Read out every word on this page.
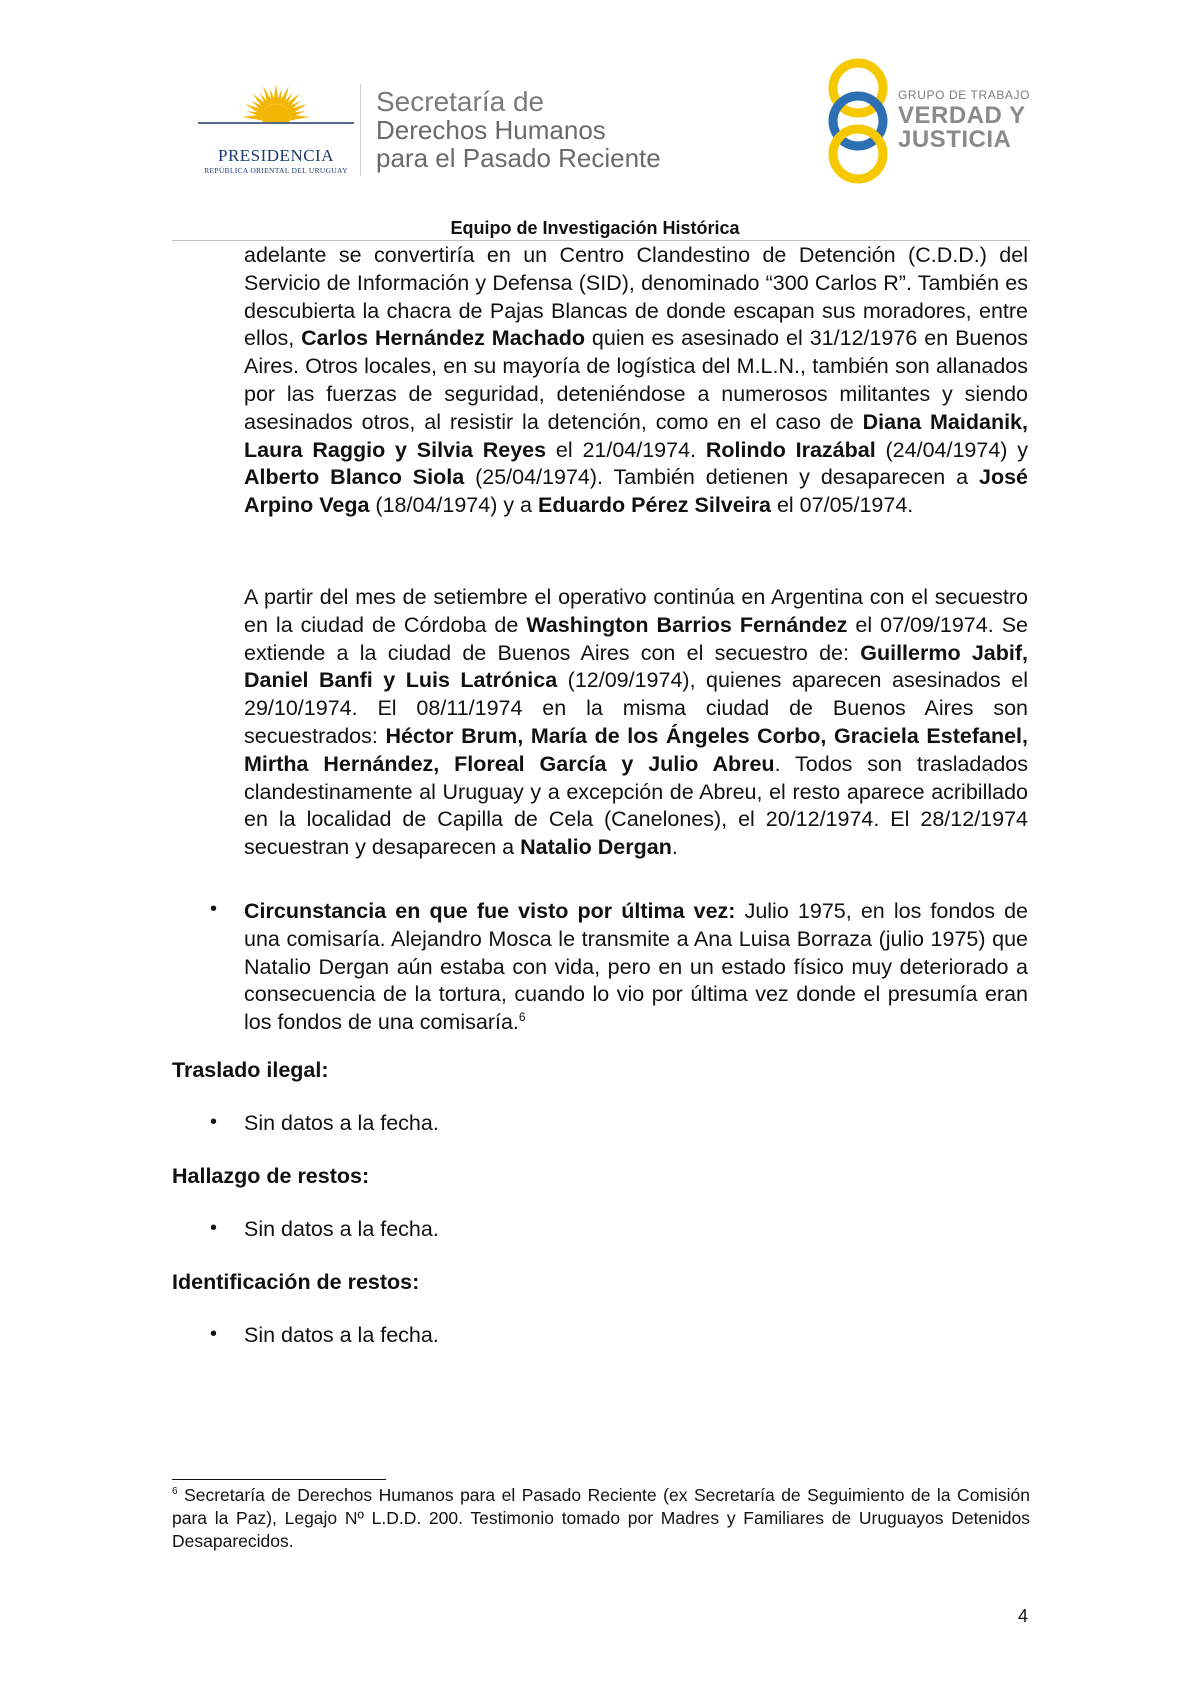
PRESIDENCIA
REPÚBLICA ORIENTAL DEL URUGUAY
Secretaría de
Derechos Humanos
para el Pasado Reciente
GRUPO DE TRABAJO
VERDAD Y
JUSTICIA
Equipo de Investigación Histórica

adelante se convertiría en un Centro Clandestino de Detención (C.D.D.) del Servicio de Información y Defensa (SID), denominado “300 Carlos R”. También es descubierta la chacra de Pajas Blancas de donde escapan sus moradores, entre ellos, Carlos Hernández Machado quien es asesinado el 31/12/1976 en Buenos Aires. Otros locales, en su mayoría de logística del M.L.N., también son allanados por las fuerzas de seguridad, deteniéndose a numerosos militantes y siendo asesinados otros, al resistir la detención, como en el caso de Diana Maidanik, Laura Raggio y Silvia Reyes el 21/04/1974. Rolindo Irazábal (24/04/1974) y Alberto Blanco Siola (25/04/1974). También detienen y desaparecen a José Arpino Vega (18/04/1974) y a Eduardo Pérez Silveira el 07/05/1974.

A partir del mes de setiembre el operativo continúa en Argentina con el secuestro en la ciudad de Córdoba de Washington Barrios Fernández el 07/09/1974. Se extiende a la ciudad de Buenos Aires con el secuestro de: Guillermo Jabif, Daniel Banfi y Luis Latrónica (12/09/1974), quienes aparecen asesinados el 29/10/1974. El 08/11/1974 en la misma ciudad de Buenos Aires son secuestrados: Héctor Brum, María de los Ángeles Corbo, Graciela Estefanel, Mirtha Hernández, Floreal García y Julio Abreu. Todos son trasladados clandestinamente al Uruguay y a excepción de Abreu, el resto aparece acribillado en la localidad de Capilla de Cela (Canelones), el 20/12/1974. El 28/12/1974 secuestran y desaparecen a Natalio Dergan.

• Circunstancia en que fue visto por última vez: Julio 1975, en los fondos de una comisaría. Alejandro Mosca le transmite a Ana Luisa Borraza (julio 1975) que Natalio Dergan aún estaba con vida, pero en un estado físico muy deteriorado a consecuencia de la tortura, cuando lo vio por última vez donde el presumía eran los fondos de una comisaría.$^6$

Traslado ilegal:
• Sin datos a la fecha.
Hallazgo de restos:
• Sin datos a la fecha.
Identificación de restos:
• Sin datos a la fecha.
$^6$ Secretaría de Derechos Humanos para el Pasado Reciente (ex Secretaría de Seguimiento de la Comisión para la Paz), Legajo Nº L.D.D. 200. Testimonio tomado por Madres y Familiares de Uruguayos Detenidos Desaparecidos.
4
